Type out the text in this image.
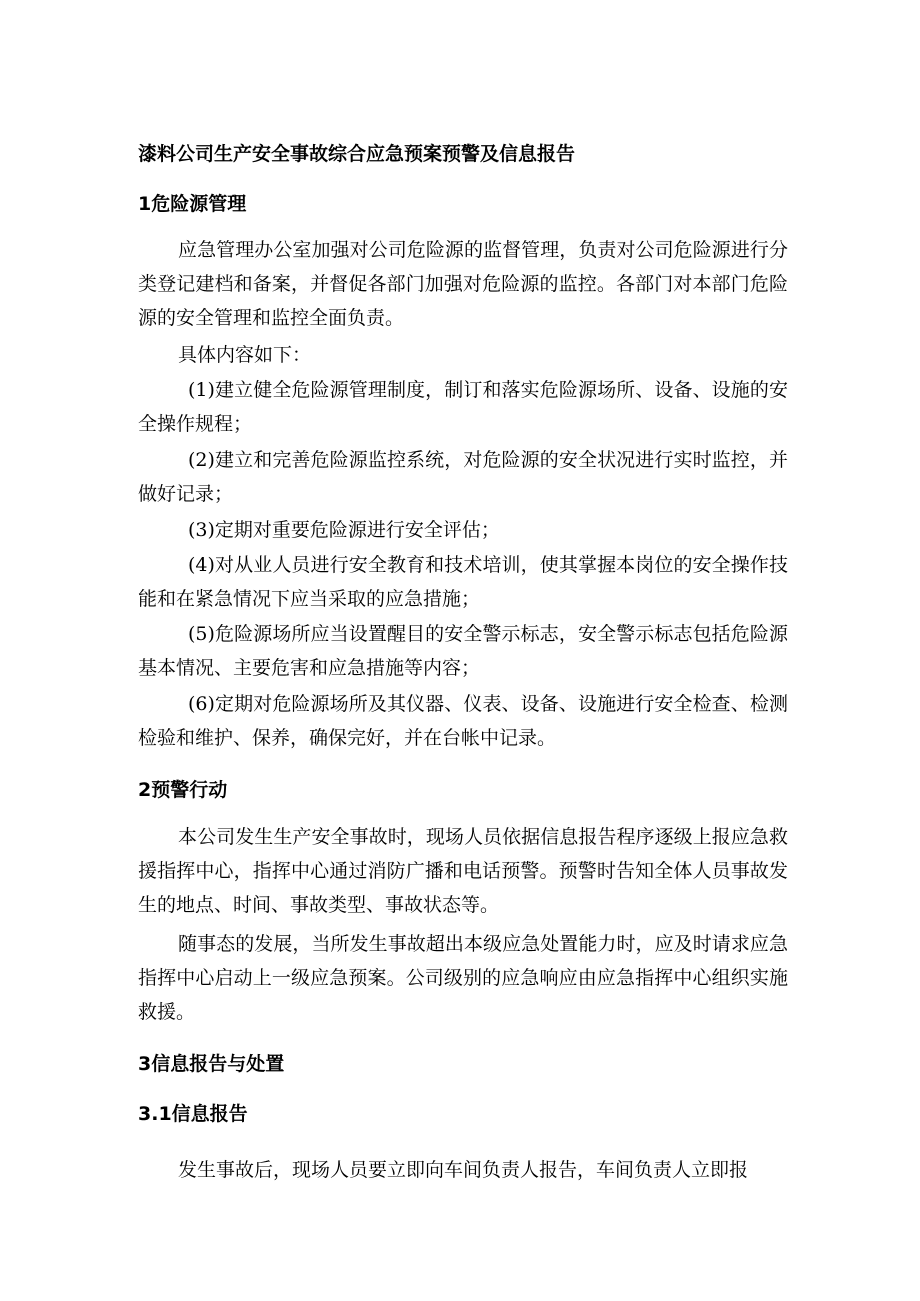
漆料公司生产安全事故综合应急预案预警及信息报告
1危险源管理

应急管理办公室加强对公司危险源的监督管理，负责对公司危险源进行分类登记建档和备案，并督促各部门加强对危险源的监控。各部门对本部门危险源的安全管理和监控全面负责。

具体内容如下：

(1)建立健全危险源管理制度，制订和落实危险源场所、设备、设施的安全操作规程；

(2)建立和完善危险源监控系统，对危险源的安全状况进行实时监控，并做好记录；

(3)定期对重要危险源进行安全评估；

(4)对从业人员进行安全教育和技术培训，使其掌握本岗位的安全操作技能和在紧急情况下应当采取的应急措施；

(5)危险源场所应当设置醒目的安全警示标志，安全警示标志包括危险源基本情况、主要危害和应急措施等内容；

(6)定期对危险源场所及其仪器、仪表、设备、设施进行安全检查、检测检验和维护、保养，确保完好，并在台帐中记录。

2预警行动

本公司发生生产安全事故时，现场人员依据信息报告程序逐级上报应急救援指挥中心，指挥中心通过消防广播和电话预警。预警时告知全体人员事故发生的地点、时间、事故类型、事故状态等。

随事态的发展，当所发生事故超出本级应急处置能力时，应及时请求应急指挥中心启动上一级应急预案。公司级别的应急响应由应急指挥中心组织实施救援。

3信息报告与处置
3.1信息报告

发生事故后，现场人员要立即向车间负责人报告，车间负责人立即报
